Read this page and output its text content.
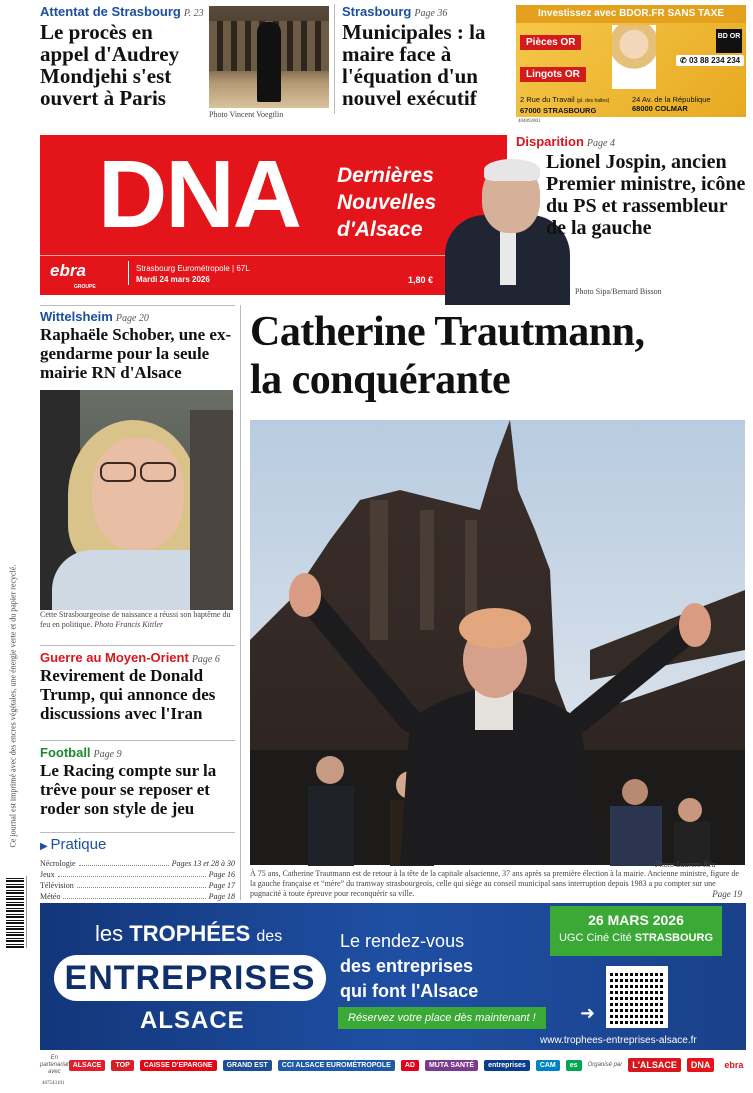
Attentat de Strasbourg P. 23
Le procès en appel d'Audrey Mondjehi s'est ouvert à Paris
Photo Vincent Voegtlin
Strasbourg Page 36
Municipales : la maire face à l'équation d'un nouvel exécutif
Investissez avec BDOR.FR SANS TAXE
Pièces OR
Lingots OR
BD OR
✆ 03 88 234 234
2 Rue du Travail (pl. des halles)
67000 STRASBOURG
24 Av. de la République
68000 COLMAR
404092001
DNA Dernières
Nouvelles
d'Alsace
ebra
GROUPE
Strasbourg Eurométropole | 67L
Mardi 24 mars 2026	1,80 €
Disparition Page 4
Lionel Jospin, ancien Premier ministre, icône du PS et rassembleur de la gauche
Photo Sipa/Bernard Bisson
Wittelsheim Page 20
Raphaële Schober, une ex-gendarme pour la seule mairie RN d'Alsace
Cette Strasbourgeoise de naissance a réussi son baptême du feu en politique. Photo Francis Kittler
Guerre au Moyen-Orient Page 6
Revirement de Donald Trump, qui annonce des discussions avec l'Iran
Football Page 9
Le Racing compte sur la trêve pour se reposer et roder son style de jeu
▶ Pratique
Nécrologie	Pages 13 et 28 à 30
Jeux	Page 16
Télévision	Page 17
Météo	Page 18
Ce journal est imprimé avec des encres végétales, une énergie verte et du papier recyclé.
Catherine Trautmann,
la conquérante
Photo Laurent Réa
À 75 ans, Catherine Trautmann est de retour à la tête de la capitale alsacienne, 37 ans après sa première élection à la mairie. Ancienne ministre, figure de la gauche française et “mère” du tramway strasbourgeois, celle qui siège au conseil municipal sans interruption depuis 1983 a pu compter sur une pugnacité à toute épreuve pour reconquérir sa ville.	Page 19
les TROPHÉES des
ENTREPRISES
ALSACE
Le rendez-vous
des entreprises
qui font l'Alsace
26 MARS 2026
UGC Ciné Cité STRASBOURG
Réservez votre place dès maintenant !	➜
www.trophees-entreprises-alsace.fr
En partenariat avec
ALSACE	TOP	CAISSE D'EPARGNE	GRAND EST	CCI ALSACE EUROMÉTROPOLE	AD	MUTA SANTÉ	entreprises	CAM	es	Organisé par	L'ALSACE	DNA	ebra
407543101
